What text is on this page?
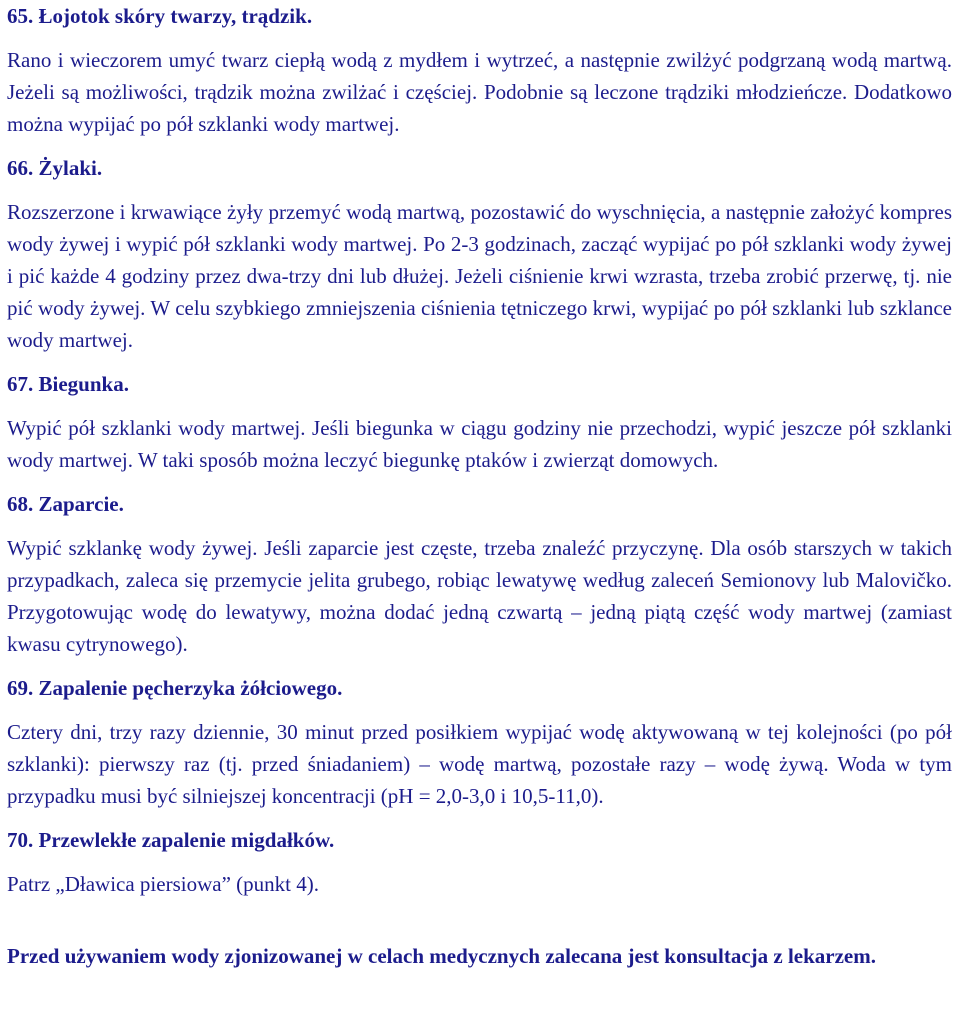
65. Łojotok skóry twarzy, trądzik.

Rano i wieczorem umyć twarz ciepłą wodą z mydłem i wytrzeć, a następnie zwilżyć podgrzaną wodą martwą. Jeżeli są możliwości, trądzik można zwilżać i częściej. Podobnie są leczone trądziki młodzieńcze. Dodatkowo można wypijać po pół szklanki wody martwej.

66. Żylaki.

Rozszerzone i krwawiące żyły przemyć wodą martwą, pozostawić do wyschnięcia, a następnie założyć kompres wody żywej i wypić pół szklanki wody martwej. Po 2-3 godzinach, zacząć wypijać po pół szklanki wody żywej i pić każde 4 godziny przez dwa-trzy dni lub dłużej. Jeżeli ciśnienie krwi wzrasta, trzeba zrobić przerwę, tj. nie pić wody żywej. W celu szybkiego zmniejszenia ciśnienia tętniczego krwi, wypijać po pół szklanki lub szklance wody martwej.

67. Biegunka.

Wypić pół szklanki wody martwej. Jeśli biegunka w ciągu godziny nie przechodzi, wypić jeszcze pół szklanki wody martwej. W taki sposób można leczyć biegunkę ptaków i zwierząt domowych.

68. Zaparcie.

Wypić szklankę wody żywej. Jeśli zaparcie jest częste, trzeba znaleźć przyczynę. Dla osób starszych w takich przypadkach, zaleca się przemycie jelita grubego, robiąc lewatywę według zaleceń Semionovy lub Malovičko. Przygotowując wodę do lewatywy, można dodać jedną czwartą – jedną piątą część wody martwej (zamiast kwasu cytrynowego).

69. Zapalenie pęcherzyka żółciowego.

Cztery dni, trzy razy dziennie, 30 minut przed posiłkiem wypijać wodę aktywowaną w tej kolejności (po pół szklanki): pierwszy raz (tj. przed śniadaniem) – wodę martwą, pozostałe razy – wodę żywą. Woda w tym przypadku musi być silniejszej koncentracji (pH = 2,0-3,0 i 10,5-11,0).

70. Przewlekłe zapalenie migdałków.

Patrz „Dławica piersiowa” (punkt 4).

Przed używaniem wody zjonizowanej w celach medycznych zalecana jest konsultacja z lekarzem.
